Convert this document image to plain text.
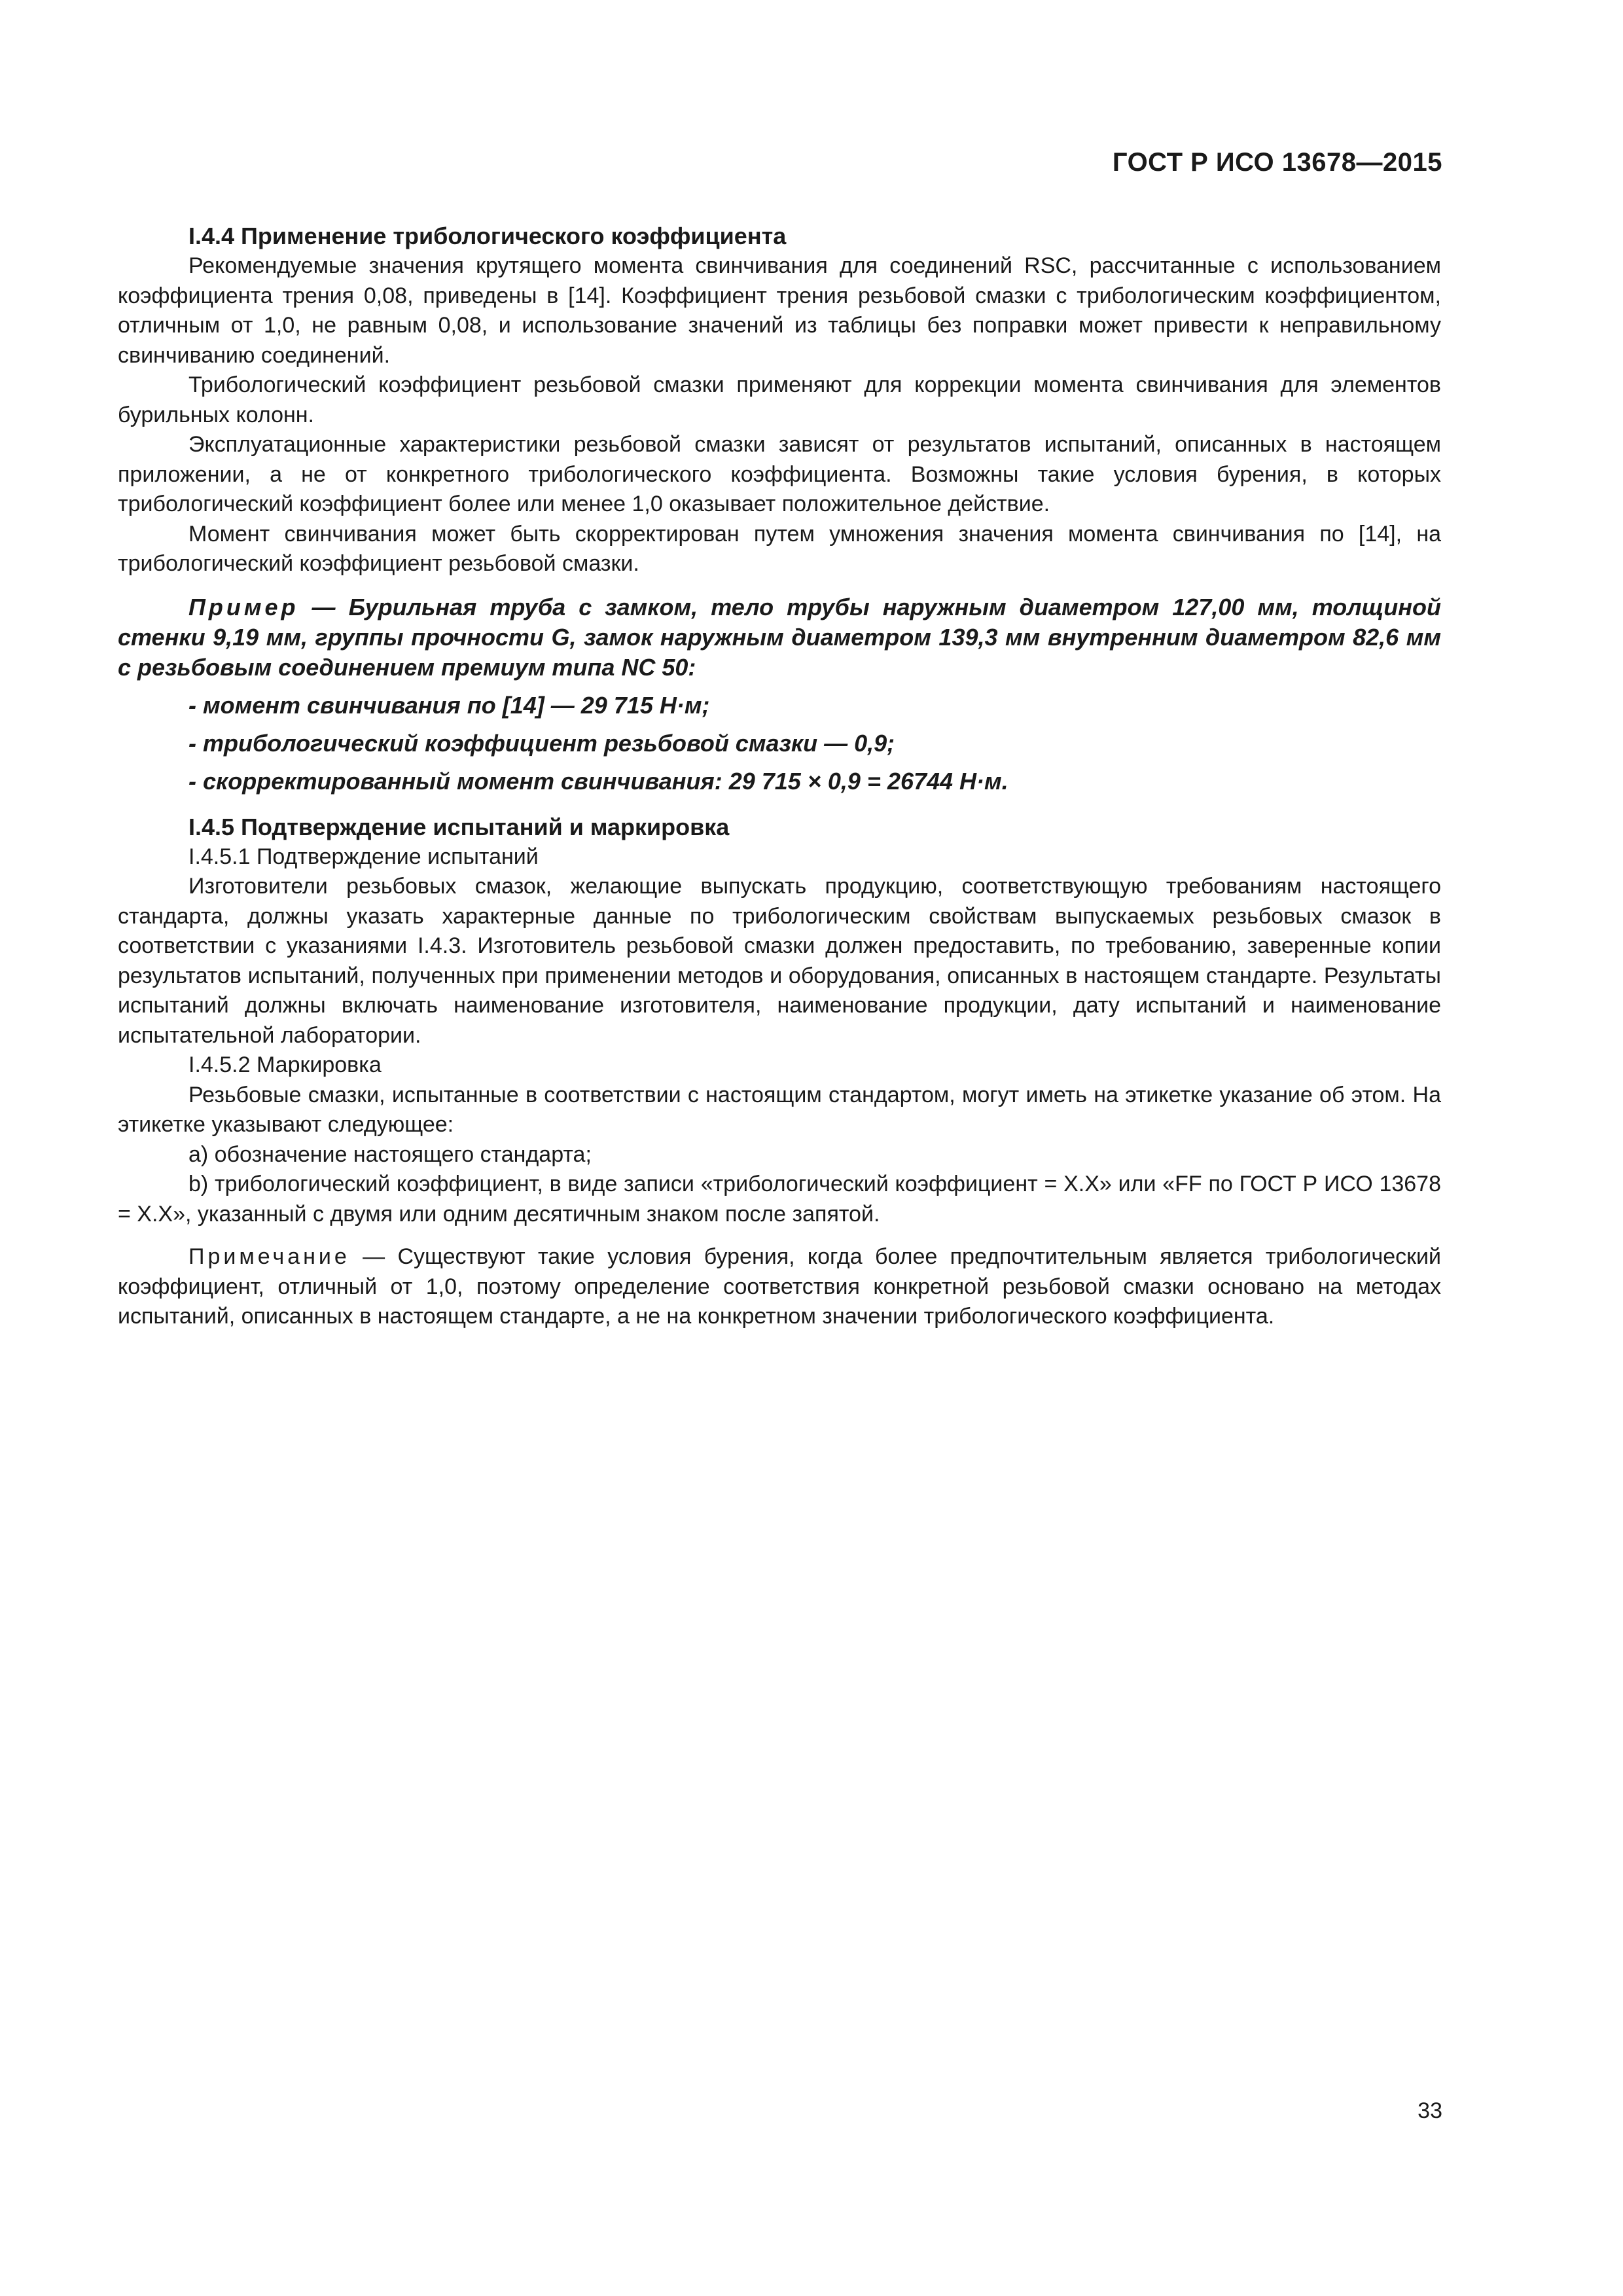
ГОСТ Р ИСО 13678—2015
I.4.4 Применение трибологического коэффициента

Рекомендуемые значения крутящего момента свинчивания для соединений RSC, рассчитанные с использованием коэффициента трения 0,08, приведены в [14]. Коэффициент трения резьбовой смазки с трибологическим коэффициентом, отличным от 1,0, не равным 0,08, и использование значений из таблицы без поправки может привести к неправильному свинчиванию соединений.

Трибологический коэффициент резьбовой смазки применяют для коррекции момента свинчивания для элементов бурильных колонн.

Эксплуатационные характеристики резьбовой смазки зависят от результатов испытаний, описанных в настоящем приложении, а не от конкретного трибологического коэффициента. Возможны такие условия бурения, в которых трибологический коэффициент более или менее 1,0 оказывает положительное действие.

Момент свинчивания может быть скорректирован путем умножения значения момента свинчивания по [14], на трибологический коэффициент резьбовой смазки.

Пример — Бурильная труба с замком, тело трубы наружным диаметром 127,00 мм, толщиной стенки 9,19 мм, группы прочности G, замок наружным диаметром 139,3 мм внутренним диаметром 82,6 мм с резьбовым соединением премиум типа NC 50:

- момент свинчивания по [14] — 29 715 Н·м;

- трибологический коэффициент резьбовой смазки — 0,9;

- скорректированный момент свинчивания: 29 715 × 0,9 = 26744 Н·м.

I.4.5 Подтверждение испытаний и маркировка

I.4.5.1 Подтверждение испытаний

Изготовители резьбовых смазок, желающие выпускать продукцию, соответствующую требованиям настоящего стандарта, должны указать характерные данные по трибологическим свойствам выпускаемых резьбовых смазок в соответствии с указаниями I.4.3. Изготовитель резьбовой смазки должен предоставить, по требованию, заверенные копии результатов испытаний, полученных при применении методов и оборудования, описанных в настоящем стандарте. Результаты испытаний должны включать наименование изготовителя, наименование продукции, дату испытаний и наименование испытательной лаборатории.

I.4.5.2 Маркировка

Резьбовые смазки, испытанные в соответствии с настоящим стандартом, могут иметь на этикетке указание об этом. На этикетке указывают следующее:

a) обозначение настоящего стандарта;

b) трибологический коэффициент, в виде записи «трибологический коэффициент = X.X» или «FF по ГОСТ Р ИСО 13678 = X.X», указанный с двумя или одним десятичным знаком после запятой.

Примечание — Существуют такие условия бурения, когда более предпочтительным является трибологический коэффициент, отличный от 1,0, поэтому определение соответствия конкретной резьбовой смазки основано на методах испытаний, описанных в настоящем стандарте, а не на конкретном значении трибологического коэффициента.

33
